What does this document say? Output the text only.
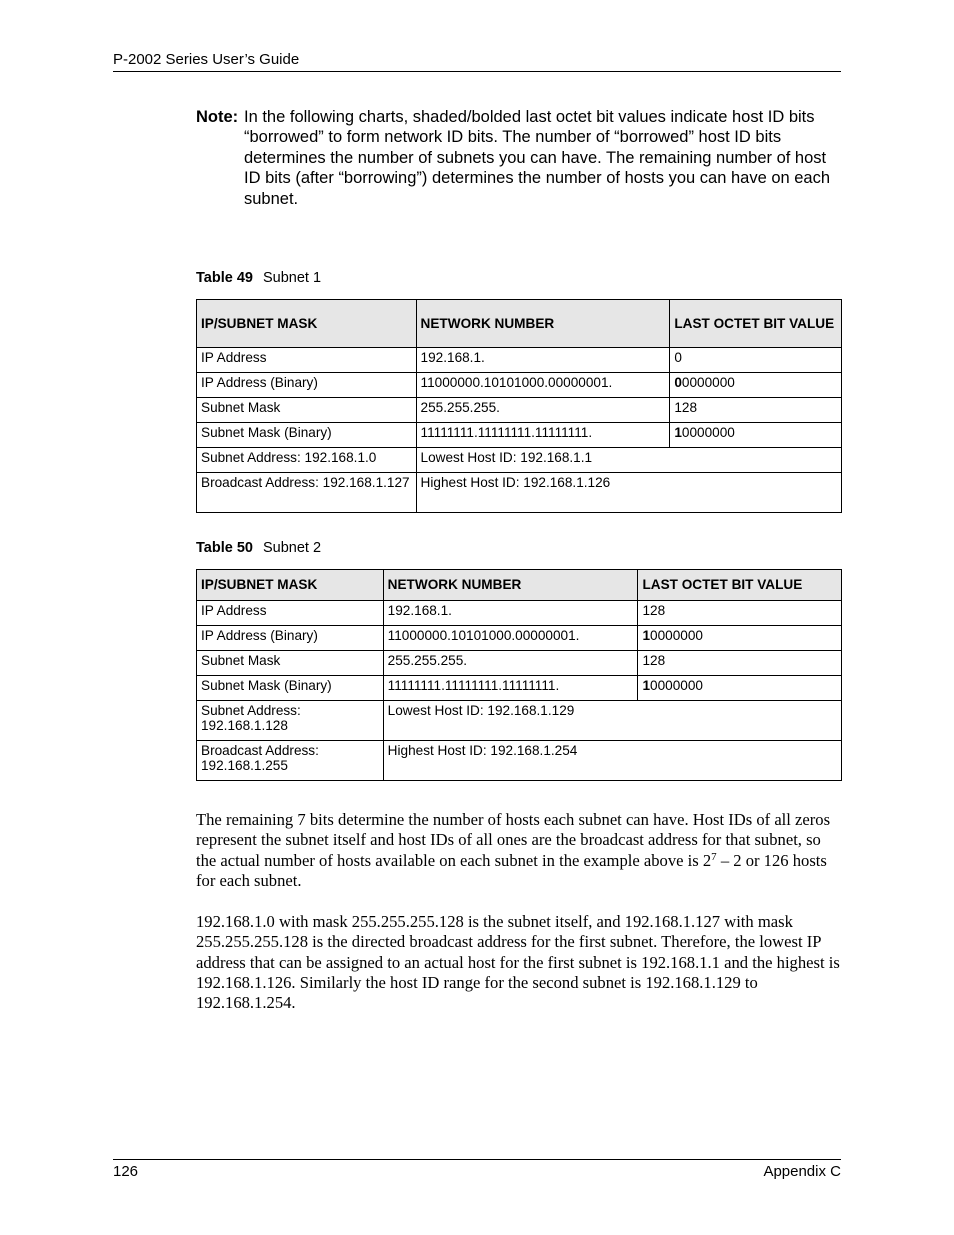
P-2002 Series User’s Guide
Note: In the following charts, shaded/bolded last octet bit values indicate host ID bits “borrowed” to form network ID bits. The number of “borrowed” host ID bits determines the number of subnets you can have. The remaining number of host ID bits (after “borrowing”) determines the number of hosts you can have on each subnet.
Table 49 Subnet 1
IP/SUBNET MASK	NETWORK NUMBER	LAST OCTET BIT VALUE
IP Address	192.168.1.	0
IP Address (Binary)	11000000.10101000.00000001.	00000000
Subnet Mask	255.255.255.	128
Subnet Mask (Binary)	11111111.11111111.11111111.	10000000
Subnet Address: 192.168.1.0	Lowest Host ID: 192.168.1.1	
Broadcast Address: 192.168.1.127	Highest Host ID: 192.168.1.126	
Table 50 Subnet 2
IP/SUBNET MASK	NETWORK NUMBER	LAST OCTET BIT VALUE
IP Address	192.168.1.	128
IP Address (Binary)	11000000.10101000.00000001.	10000000
Subnet Mask	255.255.255.	128
Subnet Mask (Binary)	11111111.11111111.11111111.	10000000
Subnet Address: 192.168.1.128	Lowest Host ID: 192.168.1.129	
Broadcast Address: 192.168.1.255	Highest Host ID: 192.168.1.254	
The remaining 7 bits determine the number of hosts each subnet can have. Host IDs of all zeros represent the subnet itself and host IDs of all ones are the broadcast address for that subnet, so the actual number of hosts available on each subnet in the example above is $2^7 - 2$ or 126 hosts for each subnet.
192.168.1.0 with mask 255.255.255.128 is the subnet itself, and 192.168.1.127 with mask 255.255.255.128 is the directed broadcast address for the first subnet. Therefore, the lowest IP address that can be assigned to an actual host for the first subnet is 192.168.1.1 and the highest is 192.168.1.126. Similarly the host ID range for the second subnet is 192.168.1.129 to 192.168.1.254.
126	Appendix C
